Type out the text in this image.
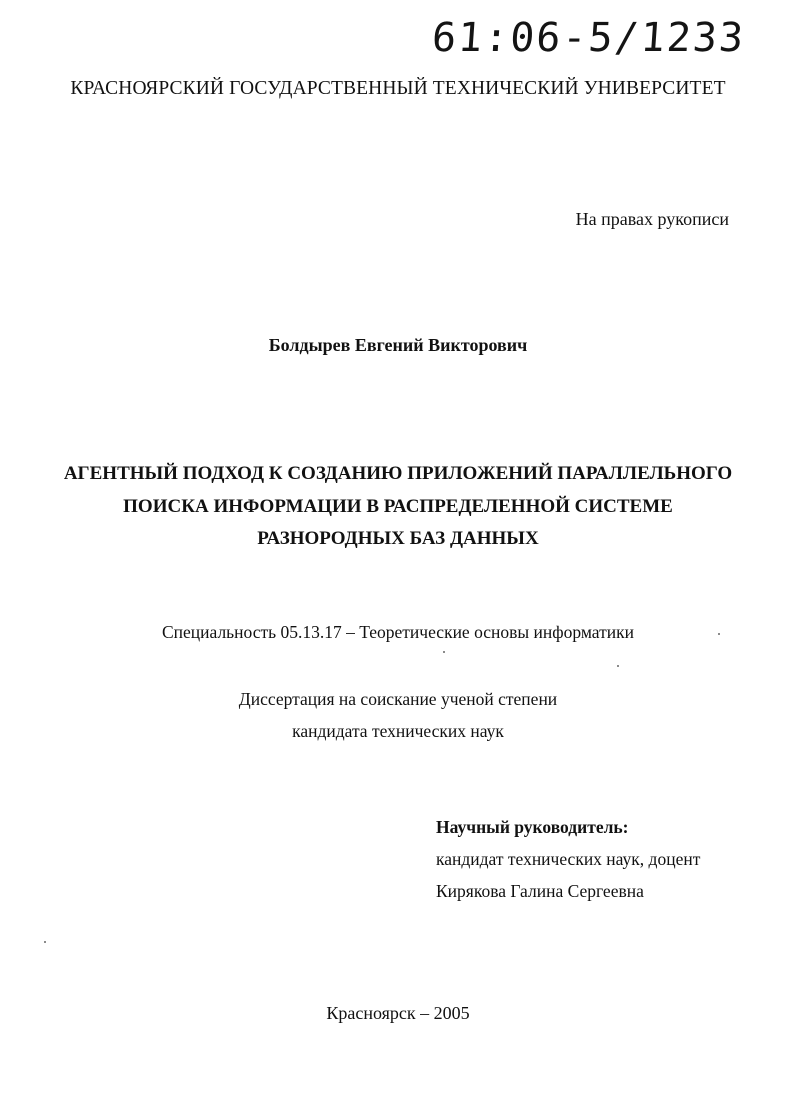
61:06-5/1233
КРАСНОЯРСКИЙ ГОСУДАРСТВЕННЫЙ ТЕХНИЧЕСКИЙ УНИВЕРСИТЕТ
На правах рукописи
Болдырев Евгений Викторович
АГЕНТНЫЙ ПОДХОД К СОЗДАНИЮ ПРИЛОЖЕНИЙ ПАРАЛЛЕЛЬНОГО
ПОИСКА ИНФОРМАЦИИ В РАСПРЕДЕЛЕННОЙ СИСТЕМЕ
РАЗНОРОДНЫХ БАЗ ДАННЫХ
Специальность 05.13.17 – Теоретические основы информатики
Диссертация на соискание ученой степени
кандидата технических наук
Научный руководитель:
кандидат технических наук, доцент
Кирякова Галина Сергеевна
Красноярск – 2005
